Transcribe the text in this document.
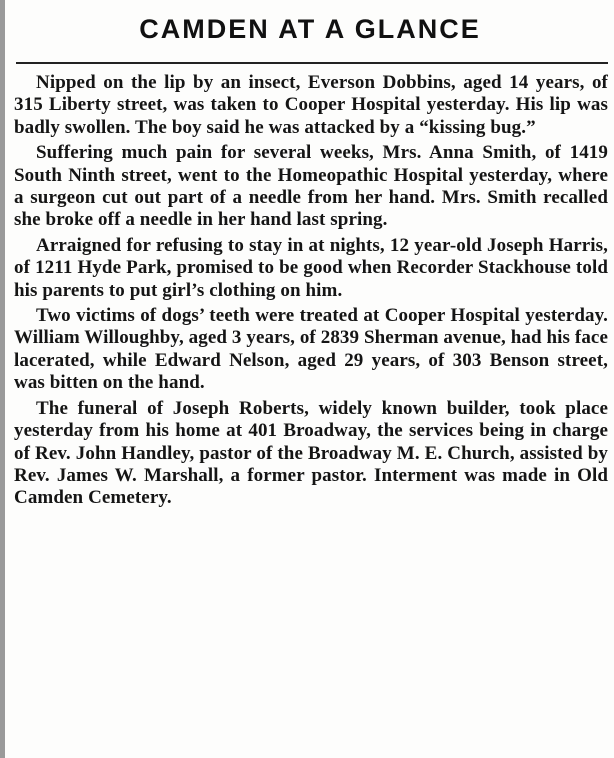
CAMDEN AT A GLANCE

Nipped on the lip by an insect, Everson Dobbins, aged 14 years, of 315 Liberty street, was taken to Cooper Hospital yesterday. His lip was badly swollen. The boy said he was attacked by a “kissing bug.”

Suffering much pain for several weeks, Mrs. Anna Smith, of 1419 South Ninth street, went to the Homeopathic Hospital yesterday, where a surgeon cut out part of a needle from her hand. Mrs. Smith recalled she broke off a needle in her hand last spring.

Arraigned for refusing to stay in at nights, 12 year-old Joseph Harris, of 1211 Hyde Park, promised to be good when Recorder Stackhouse told his parents to put girl’s clothing on him.

Two victims of dogs’ teeth were treated at Cooper Hospital yesterday. William Willoughby, aged 3 years, of 2839 Sherman avenue, had his face lacerated, while Edward Nelson, aged 29 years, of 303 Benson street, was bitten on the hand.

The funeral of Joseph Roberts, widely known builder, took place yesterday from his home at 401 Broadway, the services being in charge of Rev. John Handley, pastor of the Broadway M. E. Church, assisted by Rev. James W. Marshall, a former pastor. Interment was made in Old Camden Cemetery.
